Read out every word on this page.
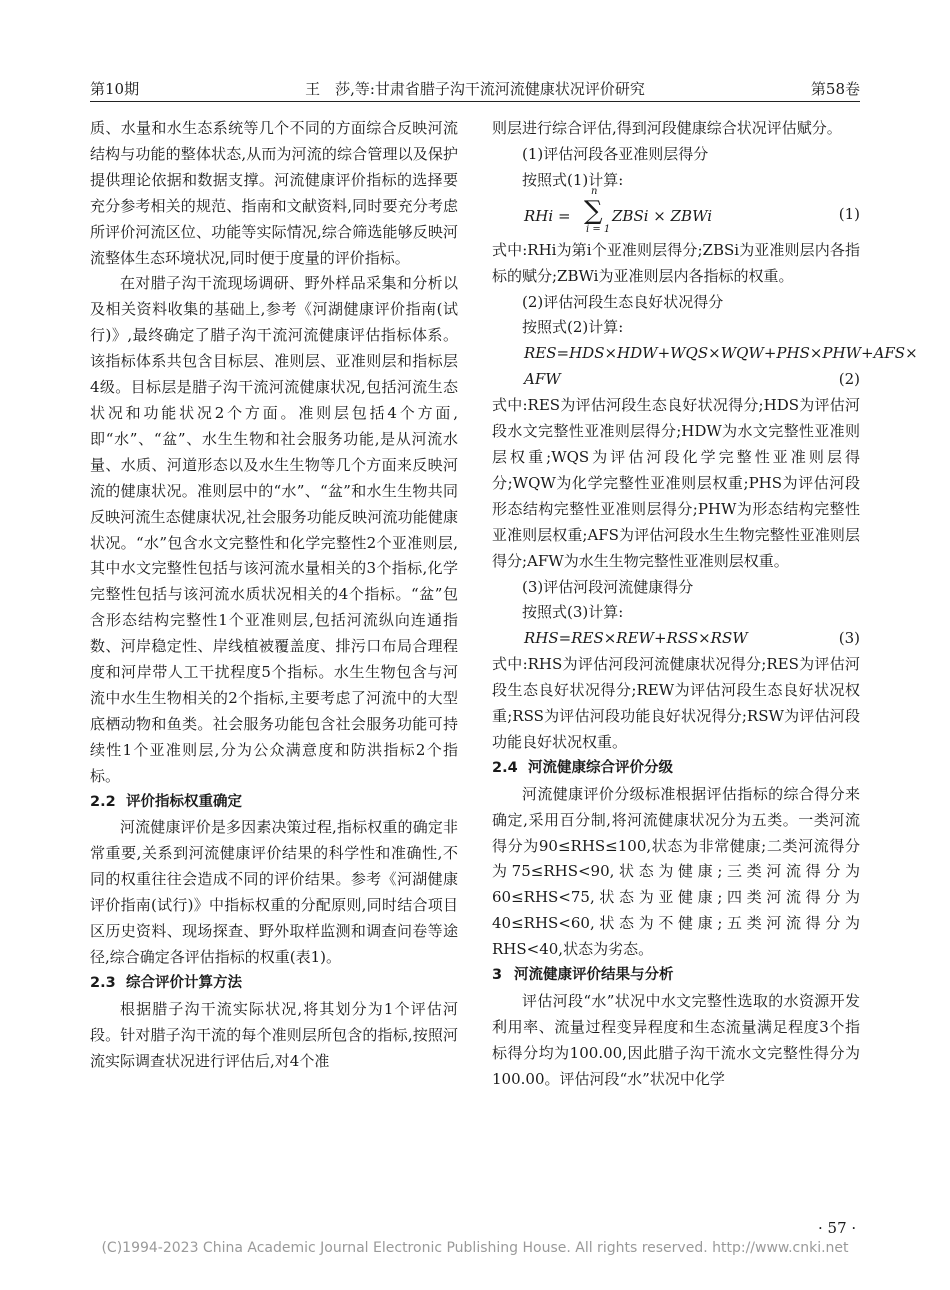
第10期	王　莎,等:甘肃省腊子沟干流河流健康状况评价研究	第58卷

质、水量和水生态系统等几个不同的方面综合反映河流结构与功能的整体状态,从而为河流的综合管理以及保护提供理论依据和数据支撑。河流健康评价指标的选择要充分参考相关的规范、指南和文献资料,同时要充分考虑所评价河流区位、功能等实际情况,综合筛选能够反映河流整体生态环境状况,同时便于度量的评价指标。

在对腊子沟干流现场调研、野外样品采集和分析以及相关资料收集的基础上,参考《河湖健康评价指南(试行)》,最终确定了腊子沟干流河流健康评估指标体系。该指标体系共包含目标层、准则层、亚准则层和指标层4级。目标层是腊子沟干流河流健康状况,包括河流生态状况和功能状况2个方面。准则层包括4个方面,即“水”、“盆”、水生生物和社会服务功能,是从河流水量、水质、河道形态以及水生生物等几个方面来反映河流的健康状况。准则层中的“水”、“盆”和水生生物共同反映河流生态健康状况,社会服务功能反映河流功能健康状况。“水”包含水文完整性和化学完整性2个亚准则层,其中水文完整性包括与该河流水量相关的3个指标,化学完整性包括与该河流水质状况相关的4个指标。“盆”包含形态结构完整性1个亚准则层,包括河流纵向连通指数、河岸稳定性、岸线植被覆盖度、排污口布局合理程度和河岸带人工干扰程度5个指标。水生生物包含与河流中水生生物相关的2个指标,主要考虑了河流中的大型底栖动物和鱼类。社会服务功能包含社会服务功能可持续性1个亚准则层,分为公众满意度和防洪指标2个指标。

2.2 评价指标权重确定

河流健康评价是多因素决策过程,指标权重的确定非常重要,关系到河流健康评价结果的科学性和准确性,不同的权重往往会造成不同的评价结果。参考《河湖健康评价指南(试行)》中指标权重的分配原则,同时结合项目区历史资料、现场探查、野外取样监测和调查问卷等途径,综合确定各评估指标的权重(表1)。

2.3 综合评价计算方法

根据腊子沟干流实际状况,将其划分为1个评估河段。针对腊子沟干流的每个准则层所包含的指标,按照河流实际调查状况进行评估后,对4个准

则层进行综合评估,得到河段健康综合状况评估赋分。

(1)评估河段各亚准则层得分

按照式(1)计算:

RHi =
n
∑
i = 1
ZBSi × ZBWi	(1)

式中:RHi为第i个亚准则层得分;ZBSi为亚准则层内各指标的赋分;ZBWi为亚准则层内各指标的权重。

(2)评估河段生态良好状况得分

按照式(2)计算:

RES=HDS×HDW+WQS×WQW+PHS×PHW+AFS×

AFW	(2)

式中:RES为评估河段生态良好状况得分;HDS为评估河段水文完整性亚准则层得分;HDW为水文完整性亚准则层权重;WQS为评估河段化学完整性亚准则层得分;WQW为化学完整性亚准则层权重;PHS为评估河段形态结构完整性亚准则层得分;PHW为形态结构完整性亚准则层权重;AFS为评估河段水生生物完整性亚准则层得分;AFW为水生生物完整性亚准则层权重。

(3)评估河段河流健康得分

按照式(3)计算:

RHS=RES×REW+RSS×RSW	(3)

式中:RHS为评估河段河流健康状况得分;RES为评估河段生态良好状况得分;REW为评估河段生态良好状况权重;RSS为评估河段功能良好状况得分;RSW为评估河段功能良好状况权重。

2.4 河流健康综合评价分级

河流健康评价分级标准根据评估指标的综合得分来确定,采用百分制,将河流健康状况分为五类。一类河流得分为90≤RHS≤100,状态为非常健康;二类河流得分为75≤RHS<90,状态为健康;三类河流得分为60≤RHS<75,状态为亚健康;四类河流得分为40≤RHS<60,状态为不健康;五类河流得分为RHS<40,状态为劣态。

3 河流健康评价结果与分析

评估河段“水”状况中水文完整性选取的水资源开发利用率、流量过程变异程度和生态流量满足程度3个指标得分均为100.00,因此腊子沟干流水文完整性得分为100.00。评估河段“水”状况中化学

· 57 ·
(C)1994-2023 China Academic Journal Electronic Publishing House. All rights reserved. http://www.cnki.net
